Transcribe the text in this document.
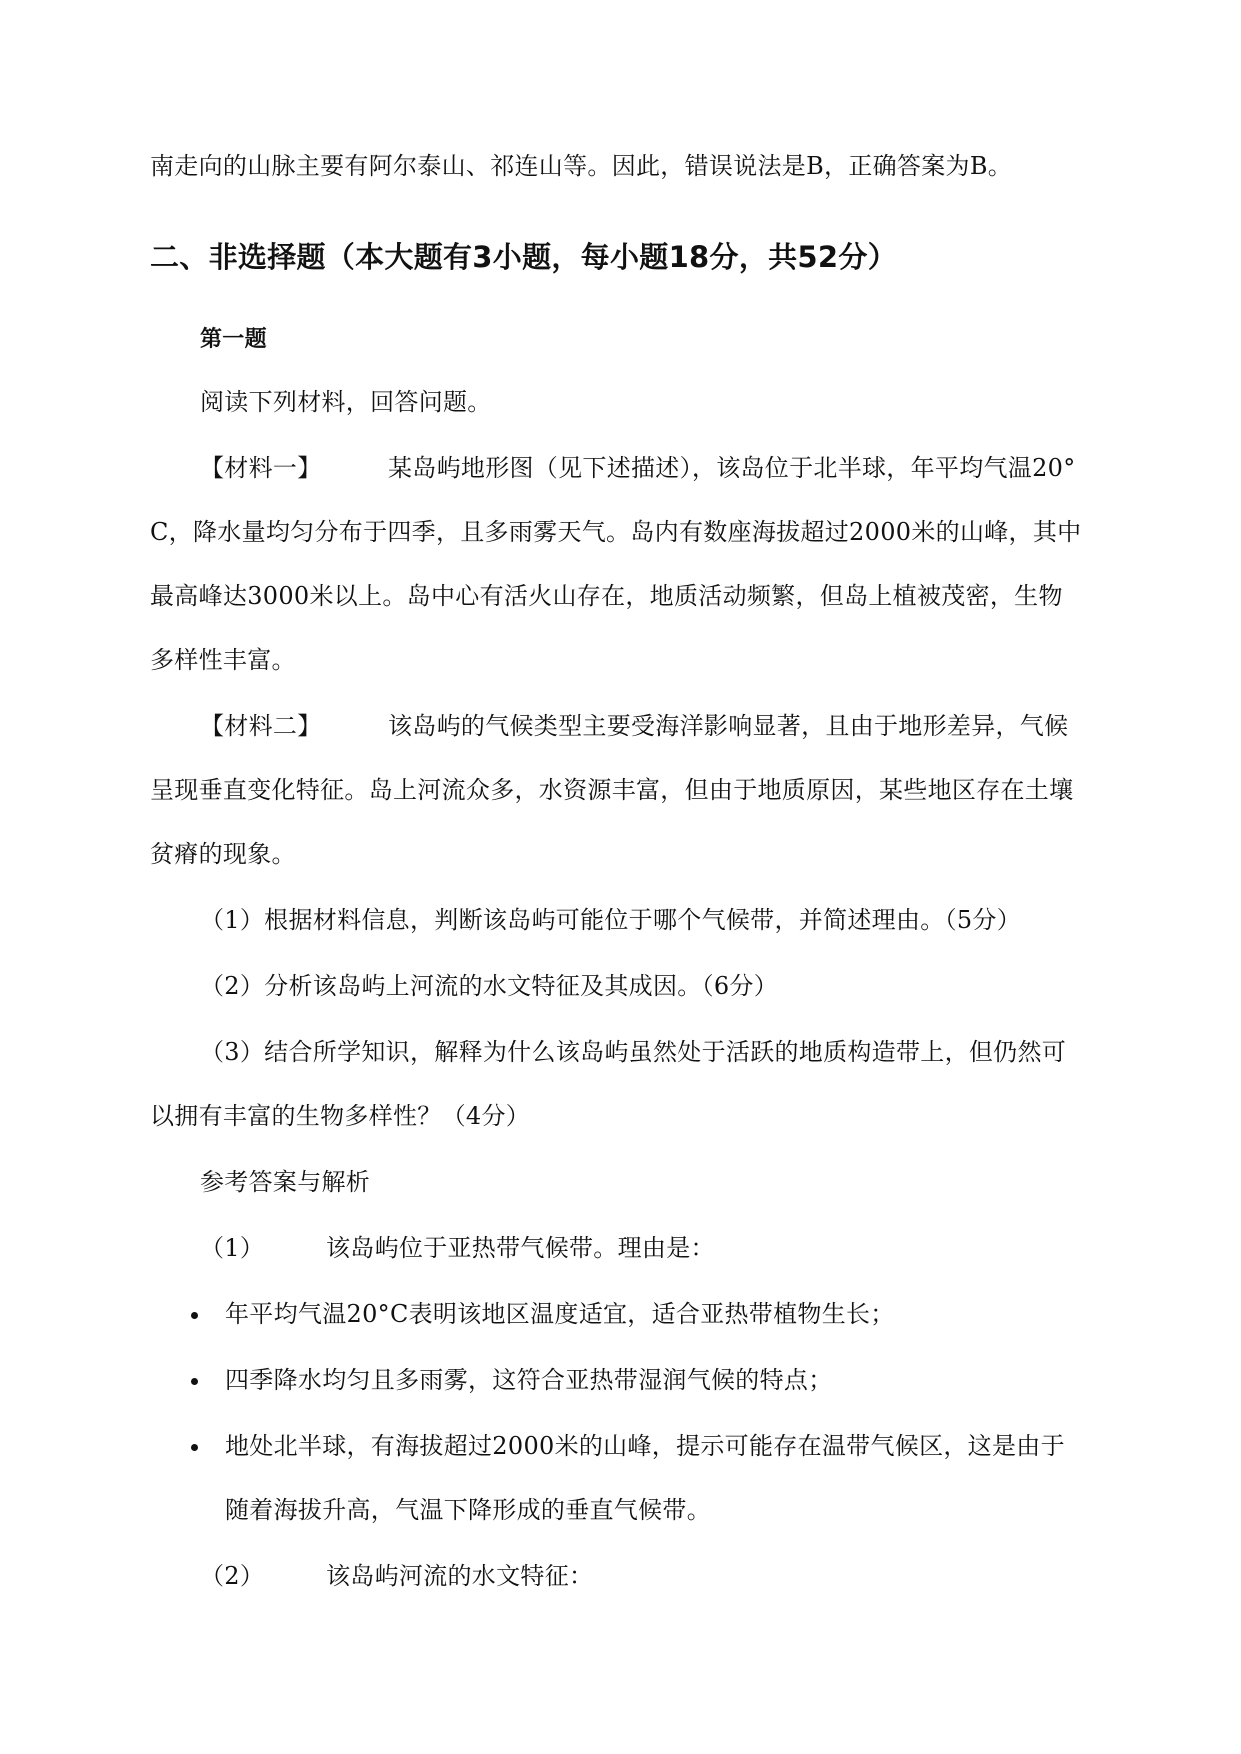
南走向的山脉主要有阿尔泰山、祁连山等。因此，错误说法是B，正确答案为B。
二、非选择题（本大题有3小题，每小题18分，共52分）
第一题
阅读下列材料，回答问题。
【材料一】	某岛屿地形图（见下述描述），该岛位于北半球，年平均气温20°
C，降水量均匀分布于四季，且多雨雾天气。岛内有数座海拔超过2000米的山峰，其中
最高峰达3000米以上。岛中心有活火山存在，地质活动频繁，但岛上植被茂密，生物
多样性丰富。
【材料二】	该岛屿的气候类型主要受海洋影响显著，且由于地形差异，气候
呈现垂直变化特征。岛上河流众多，水资源丰富，但由于地质原因，某些地区存在土壤
贫瘠的现象。
（1）根据材料信息，判断该岛屿可能位于哪个气候带，并简述理由。（5分）
（2）分析该岛屿上河流的水文特征及其成因。（6分）
（3）结合所学知识，解释为什么该岛屿虽然处于活跃的地质构造带上，但仍然可
以拥有丰富的生物多样性？（4分）
参考答案与解析
（1）	该岛屿位于亚热带气候带。理由是：
年平均气温20°C表明该地区温度适宜，适合亚热带植物生长；
四季降水均匀且多雨雾，这符合亚热带湿润气候的特点；
地处北半球，有海拔超过2000米的山峰，提示可能存在温带气候区，这是由于
随着海拔升高，气温下降形成的垂直气候带。
（2）	该岛屿河流的水文特征：
